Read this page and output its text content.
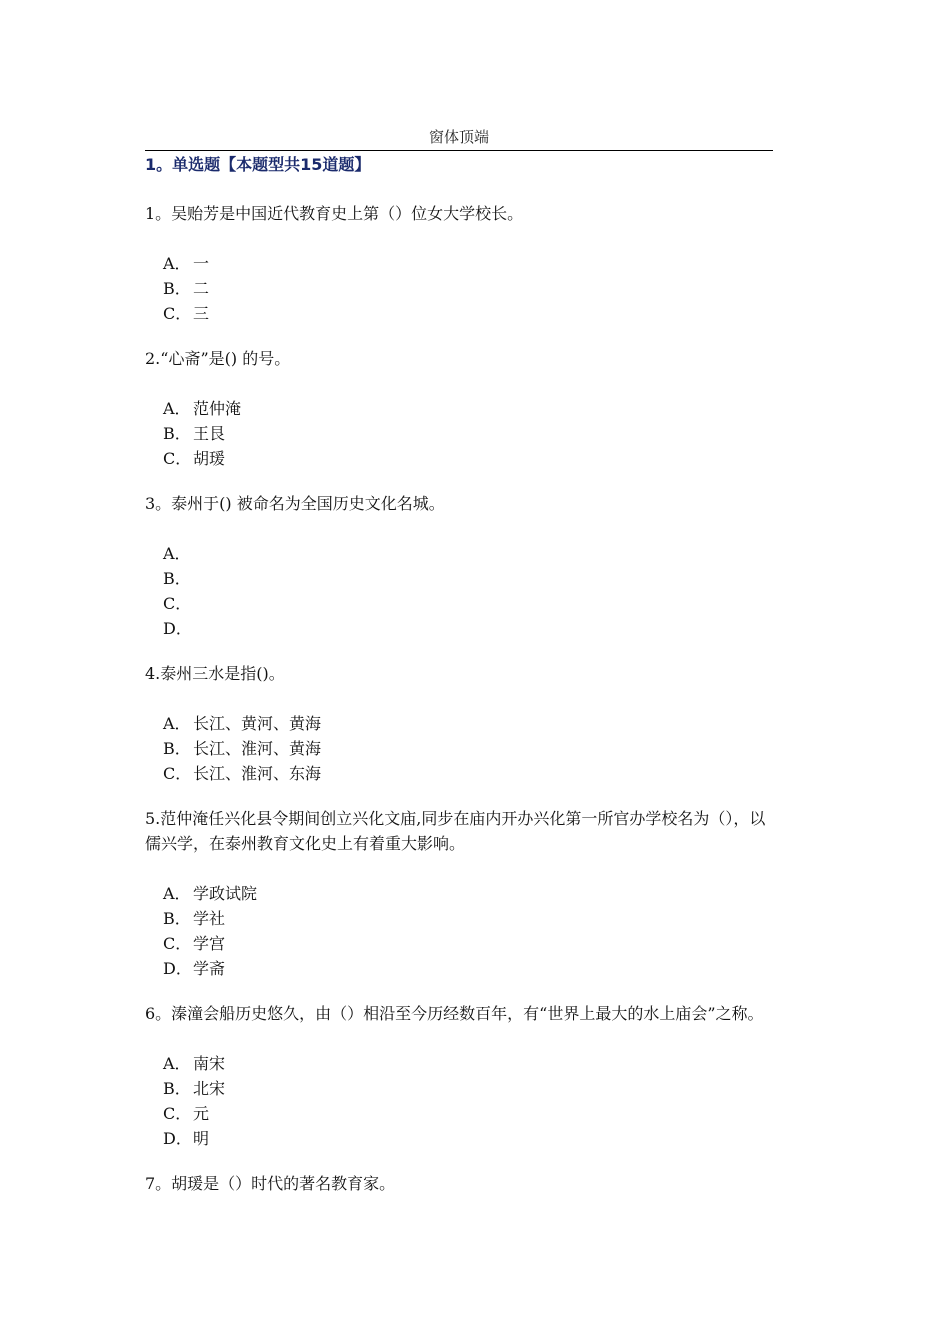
窗体顶端
1。单选题【本题型共15道题】
1。吴贻芳是中国近代教育史上第（）位女大学校长。
A． 一
B． 二
C． 三
2.“心斋”是() 的号。
A． 范仲淹
B． 王艮
C． 胡瑗
3。泰州于() 被命名为全国历史文化名城。
A．
B．
C．
D．
4.泰州三水是指()。
A． 长江、黄河、黄海
B． 长江、淮河、黄海
C． 长江、淮河、东海
5.范仲淹任兴化县令期间创立兴化文庙,同步在庙内开办兴化第一所官办学校名为（），以儒兴学，在泰州教育文化史上有着重大影响。
A． 学政试院
B． 学社
C． 学宫
D． 学斋
6。溱潼会船历史悠久，由（）相沿至今历经数百年，有“世界上最大的水上庙会”之称。
A． 南宋
B． 北宋
C． 元
D． 明
7。胡瑗是（）时代的著名教育家。
